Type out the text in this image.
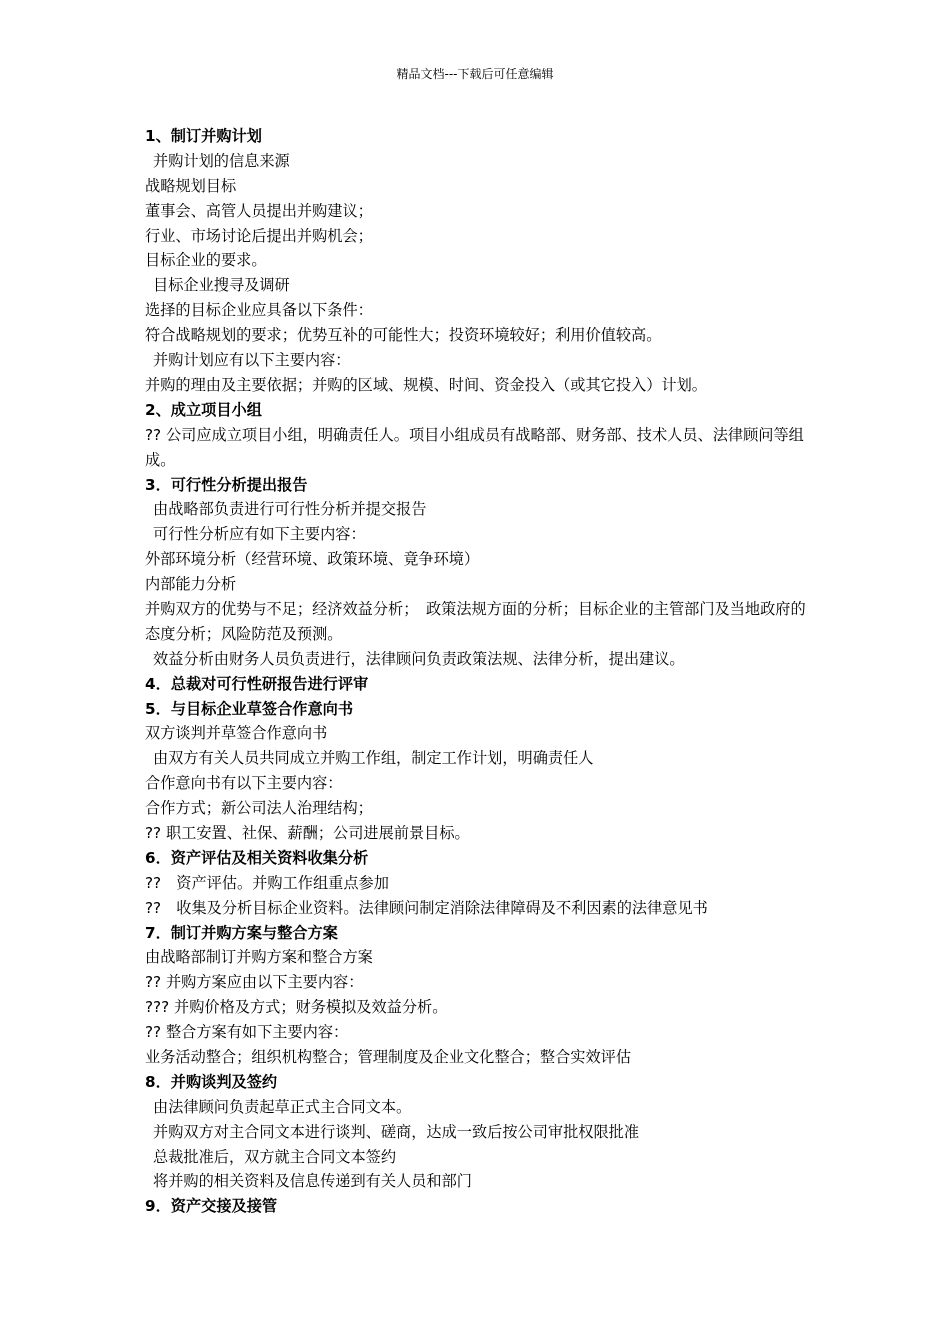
精品文档---下载后可任意编辑
1、制订并购计划
并购计划的信息来源
战略规划目标
董事会、高管人员提出并购建议；
行业、市场讨论后提出并购机会；
目标企业的要求。
目标企业搜寻及调研
选择的目标企业应具备以下条件：
符合战略规划的要求；优势互补的可能性大；投资环境较好；利用价值较高。
并购计划应有以下主要内容：
并购的理由及主要依据；并购的区域、规模、时间、资金投入（或其它投入）计划。
2、成立项目小组
?? 公司应成立项目小组，明确责任人。项目小组成员有战略部、财务部、技术人员、法律顾问等组成。
3．可行性分析提出报告
由战略部负责进行可行性分析并提交报告
可行性分析应有如下主要内容：
外部环境分析（经营环境、政策环境、竟争环境）
内部能力分析
并购双方的优势与不足；经济效益分析；　政策法规方面的分析；目标企业的主管部门及当地政府的态度分析；风险防范及预测。
效益分析由财务人员负责进行，法律顾问负责政策法规、法律分析，提出建议。
4．总裁对可行性研报告进行评审
5．与目标企业草签合作意向书
双方谈判并草签合作意向书
由双方有关人员共同成立并购工作组，制定工作计划，明确责任人
合作意向书有以下主要内容：
合作方式；新公司法人治理结构；
?? 职工安置、社保、薪酬；公司进展前景目标。
6．资产评估及相关资料收集分析
??　资产评估。并购工作组重点参加
??　收集及分析目标企业资料。法律顾问制定消除法律障碍及不利因素的法律意见书
7．制订并购方案与整合方案
由战略部制订并购方案和整合方案
?? 并购方案应由以下主要内容：
??? 并购价格及方式；财务模拟及效益分析。
?? 整合方案有如下主要内容：
业务活动整合；组织机构整合；管理制度及企业文化整合；整合实效评估
8．并购谈判及签约
由法律顾问负责起草正式主合同文本。
并购双方对主合同文本进行谈判、磋商，达成一致后按公司审批权限批准
总裁批准后，双方就主合同文本签约
将并购的相关资料及信息传递到有关人员和部门
9．资产交接及接管
